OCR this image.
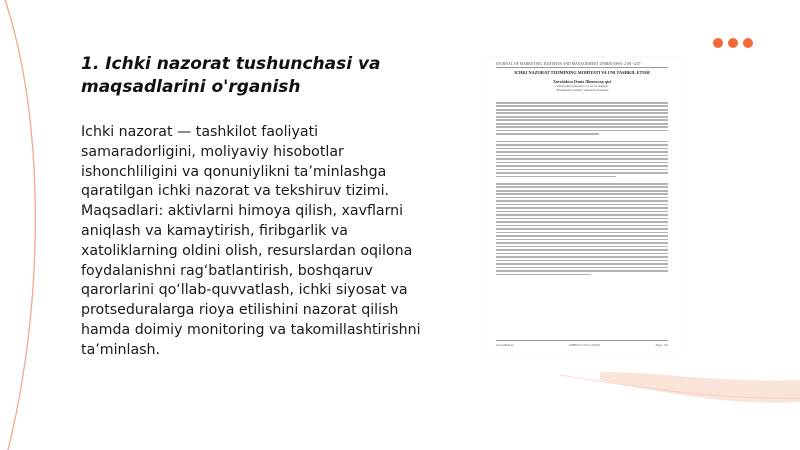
1. Ichki nazorat tushunchasi va maqsadlarini o'rganish

Ichki nazorat — tashkilot faoliyati samaradorligini, moliyaviy hisobotlar ishonchliligini va qonuniylikni ta’minlashga qaratilgan ichki nazorat va tekshiruv tizimi. Maqsadlari: aktivlarni himoya qilish, xavflarni aniqlash va kamaytirish, firibgarlik va xatoliklarning oldini olish, resurslardan oqilona foydalanishni rag‘batlantirish, boshqaruv qarorlarini qo‘llab-quvvatlash, ichki siyosat va protseduralarga rioya etilishini nazorat qilish hamda doimiy monitoring va takomillashtirishni ta’minlash.

JOURNAL OF MARKETING, BUSINESS AND MANAGEMENT (JMBM) ISSN: 2181-1237
ICHKI NAZORAT TIZIMINING MOHIYATI VA UNI TASHKIL ETISH
Xurshidova Donia Ilhomovna qizi
Samarqand iqtisodiyot va servis instituti
“Buxgalteriya hisobi” kafedrasi assistenti
www.jmbm.uz	JMBM Vol.4 No.2 (2025)	Page | 125
